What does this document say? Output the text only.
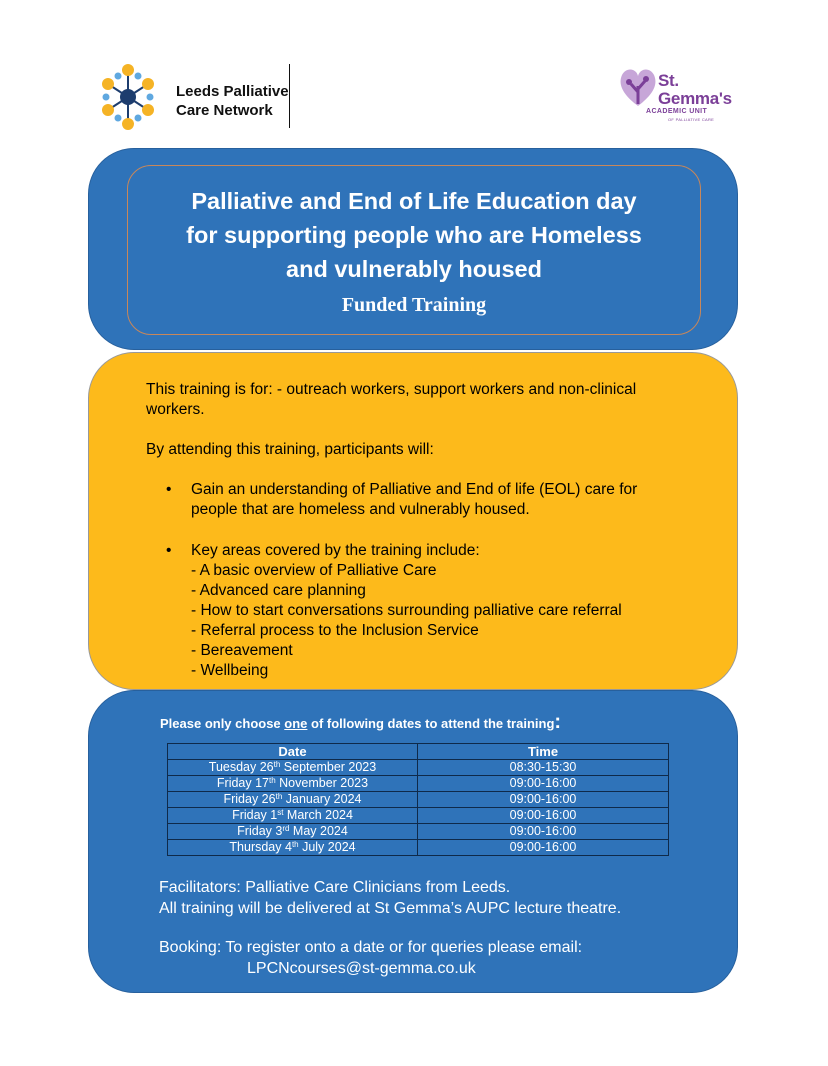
Leeds Palliative
Care Network
St.
Gemma's
ACADEMIC UNIT
OF PALLIATIVE CARE
Palliative and End of Life Education day
for supporting people who are Homeless
and vulnerably housed
Funded Training

This training is for: - outreach workers, support workers and non-clinical
workers.

By attending this training, participants will:

• Gain an understanding of Palliative and End of life (EOL) care for
people that are homeless and vulnerably housed.
• Key areas covered by the training include:
- A basic overview of Palliative Care
- Advanced care planning
- How to start conversations surrounding palliative care referral
- Referral process to the Inclusion Service
- Bereavement
- Wellbeing
Please only choose one of following dates to attend the training:
Date	Time
Tuesday 26th September 2023	08:30-15:30
Friday 17th November 2023	09:00-16:00
Friday 26th January 2024	09:00-16:00
Friday 1st March 2024	09:00-16:00
Friday 3rd May 2024	09:00-16:00
Thursday 4th July 2024	09:00-16:00

Facilitators: Palliative Care Clinicians from Leeds.

All training will be delivered at St Gemma’s AUPC lecture theatre.

Booking: To register onto a date or for queries please email:

LPCNcourses@st-gemma.co.uk
